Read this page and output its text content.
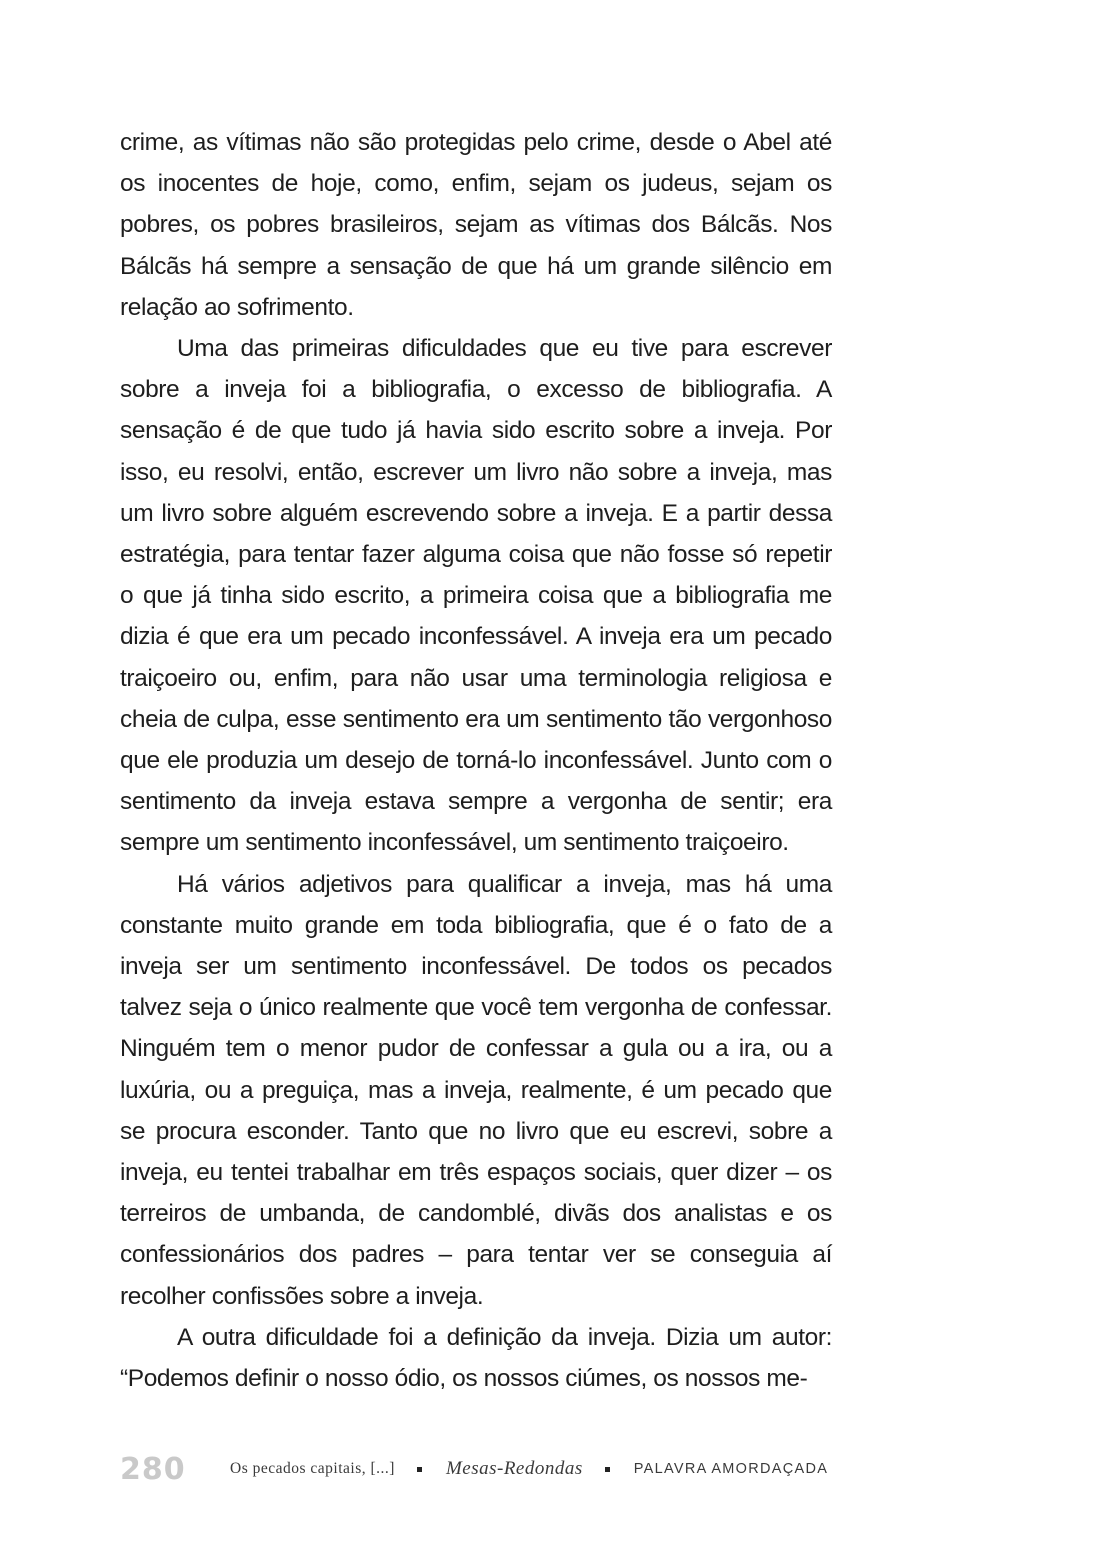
crime, as vítimas não são protegidas pelo crime, desde o Abel até os inocentes de hoje, como, enfim, sejam os judeus, sejam os pobres, os pobres brasileiros, sejam as vítimas dos Bálcãs. Nos Bálcãs há sempre a sensação de que há um grande silêncio em relação ao sofrimento.

Uma das primeiras dificuldades que eu tive para escrever sobre a inveja foi a bibliografia, o excesso de bibliografia. A sensação é de que tudo já havia sido escrito sobre a inveja. Por isso, eu resolvi, então, escrever um livro não sobre a inveja, mas um livro sobre alguém escrevendo sobre a inveja. E a partir dessa estratégia, para tentar fazer alguma coisa que não fosse só repetir o que já tinha sido escrito, a primeira coisa que a bibliografia me dizia é que era um pecado inconfessável. A inveja era um pecado traiçoeiro ou, enfim, para não usar uma terminologia religiosa e cheia de culpa, esse sentimento era um sentimento tão vergonhoso que ele produzia um desejo de torná-lo inconfessável. Junto com o sentimento da inveja estava sempre a vergonha de sentir; era sempre um sentimento inconfessável, um sentimento traiçoeiro.

Há vários adjetivos para qualificar a inveja, mas há uma constante muito grande em toda bibliografia, que é o fato de a inveja ser um sentimento inconfessável. De todos os pecados talvez seja o único realmente que você tem vergonha de confessar. Ninguém tem o menor pudor de confessar a gula ou a ira, ou a luxúria, ou a preguiça, mas a inveja, realmente, é um pecado que se procura esconder. Tanto que no livro que eu escrevi, sobre a inveja, eu tentei trabalhar em três espaços sociais, quer dizer – os terreiros de umbanda, de candomblé, divãs dos analistas e os confessionários dos padres – para tentar ver se conseguia aí recolher confissões sobre a inveja.

A outra dificuldade foi a definição da inveja. Dizia um autor: “Podemos definir o nosso ódio, os nossos ciúmes, os nossos me-

280	Os pecados capitais, [...]	Mesas-Redondas	PALAVRA AMORDAÇADA
